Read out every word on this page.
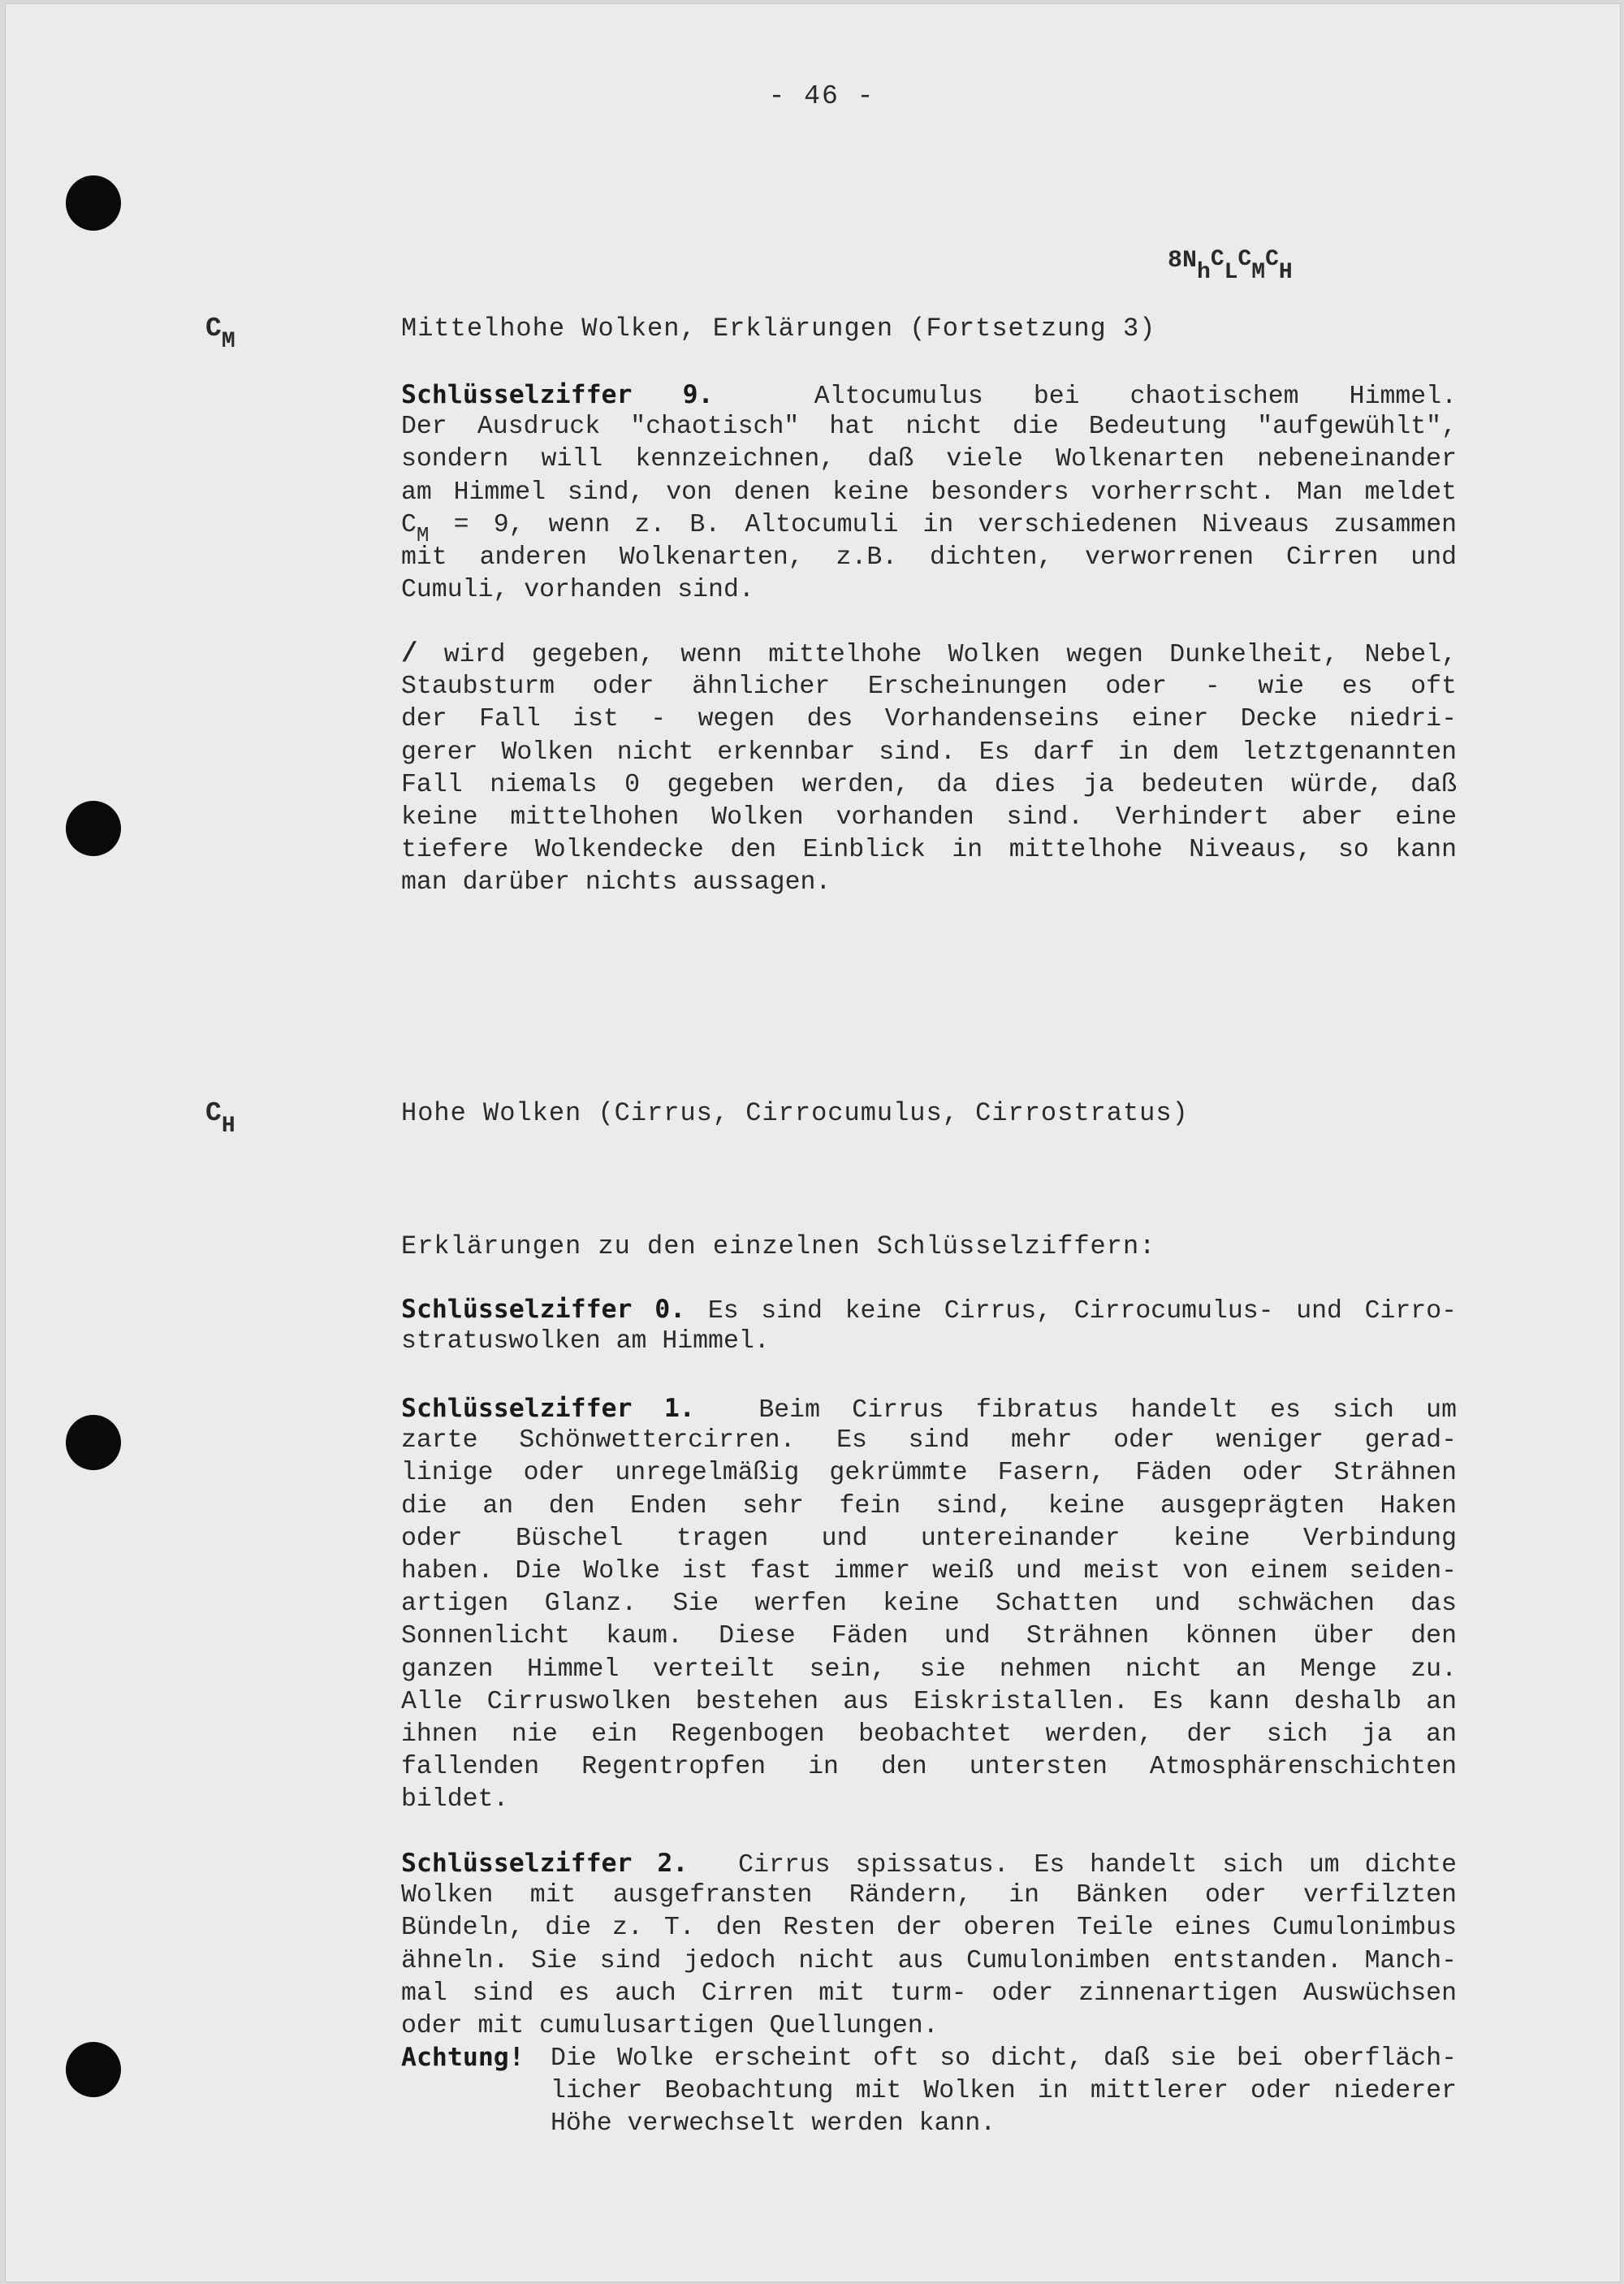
- 46 -
8NhCLCMCH
$C_M$	Mittelhohe Wolken, Erklärungen (Fortsetzung 3)
Schlüsselziffer 9.	Altocumulus bei chaotischem Himmel.
Der Ausdruck "chaotisch" hat nicht die Bedeutung "aufgewühlt",
sondern will kennzeichnen, daß viele Wolkenarten nebeneinander
am Himmel sind, von denen keine besonders vorherrscht. Man meldet
$C_M = 9$, wenn z. B. Altocumuli in verschiedenen Niveaus zusammen
mit anderen Wolkenarten, z.B. dichten, verworrenen Cirren und
Cumuli, vorhanden sind.
/ wird gegeben, wenn mittelhohe Wolken wegen Dunkelheit, Nebel,
Staubsturm oder ähnlicher Erscheinungen oder - wie es oft
der Fall ist - wegen des Vorhandenseins einer Decke niedri-
gerer Wolken nicht erkennbar sind. Es darf in dem letztgenannten
Fall niemals 0 gegeben werden, da dies ja bedeuten würde, daß
keine mittelhohen Wolken vorhanden sind. Verhindert aber eine
tiefere Wolkendecke den Einblick in mittelhohe Niveaus, so kann
man darüber nichts aussagen.
$C_H$	Hohe Wolken (Cirrus, Cirrocumulus, Cirrostratus)
Erklärungen zu den einzelnen Schlüsselziffern:
Schlüsselziffer 0. Es sind keine Cirrus, Cirrocumulus- und Cirro-
stratuswolken am Himmel.
Schlüsselziffer 1. Beim Cirrus fibratus handelt es sich um
zarte Schönwettercirren. Es sind mehr oder weniger gerad-
linige oder unregelmäßig gekrümmte Fasern, Fäden oder Strähnen
die an den Enden sehr fein sind, keine ausgeprägten Haken
oder Büschel tragen und untereinander keine Verbindung
haben. Die Wolke ist fast immer weiß und meist von einem seiden-
artigen Glanz. Sie werfen keine Schatten und schwächen das
Sonnenlicht kaum. Diese Fäden und Strähnen können über den
ganzen Himmel verteilt sein, sie nehmen nicht an Menge zu.
Alle Cirruswolken bestehen aus Eiskristallen. Es kann deshalb an
ihnen nie ein Regenbogen beobachtet werden, der sich ja an
fallenden Regentropfen in den untersten Atmosphärenschichten
bildet.
Schlüsselziffer 2. Cirrus spissatus. Es handelt sich um dichte
Wolken mit ausgefransten Rändern, in Bänken oder verfilzten
Bündeln, die z. T. den Resten der oberen Teile eines Cumulonimbus
ähneln. Sie sind jedoch nicht aus Cumulonimben entstanden. Manch-
mal sind es auch Cirren mit turm- oder zinnenartigen Auswüchsen
oder mit cumulusartigen Quellungen.
Achtung! Die Wolke erscheint oft so dicht, daß sie bei oberfläch-
licher Beobachtung mit Wolken in mittlerer oder niederer
Höhe verwechselt werden kann.
